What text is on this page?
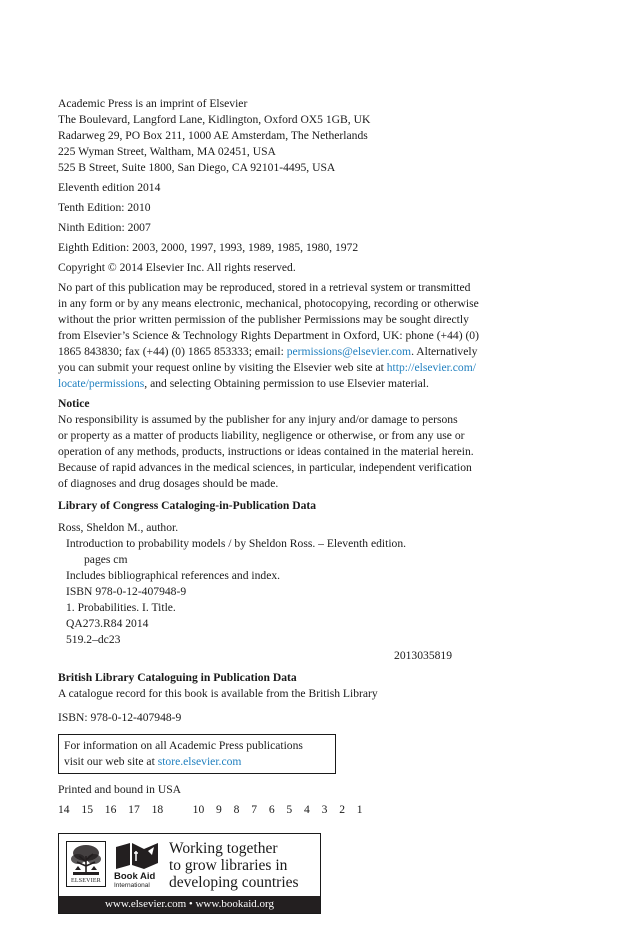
Academic Press is an imprint of Elsevier
The Boulevard, Langford Lane, Kidlington, Oxford OX5 1GB, UK
Radarweg 29, PO Box 211, 1000 AE Amsterdam, The Netherlands
225 Wyman Street, Waltham, MA 02451, USA
525 B Street, Suite 1800, San Diego, CA 92101-4495, USA
Eleventh edition 2014
Tenth Edition: 2010
Ninth Edition: 2007
Eighth Edition: 2003, 2000, 1997, 1993, 1989, 1985, 1980, 1972
Copyright © 2014 Elsevier Inc. All rights reserved.
No part of this publication may be reproduced, stored in a retrieval system or transmitted
in any form or by any means electronic, mechanical, photocopying, recording or otherwise
without the prior written permission of the publisher Permissions may be sought directly
from Elsevier’s Science & Technology Rights Department in Oxford, UK: phone (+44) (0)
1865 843830; fax (+44) (0) 1865 853333; email: permissions@elsevier.com. Alternatively
you can submit your request online by visiting the Elsevier web site at http://elsevier.com/
locate/permissions, and selecting Obtaining permission to use Elsevier material.
Notice
No responsibility is assumed by the publisher for any injury and/or damage to persons
or property as a matter of products liability, negligence or otherwise, or from any use or
operation of any methods, products, instructions or ideas contained in the material herein.
Because of rapid advances in the medical sciences, in particular, independent verification
of diagnoses and drug dosages should be made.
Library of Congress Cataloging-in-Publication Data
Ross, Sheldon M., author.
Introduction to probability models / by Sheldon Ross. – Eleventh edition.
pages cm
Includes bibliographical references and index.
ISBN 978-0-12-407948-9
1. Probabilities. I. Title.
QA273.R84 2014
519.2–dc23
2013035819
British Library Cataloguing in Publication Data
A catalogue record for this book is available from the British Library
ISBN: 978-0-12-407948-9
For information on all Academic Press publications
visit our web site at store.elsevier.com
Printed and bound in USA
14  15  16  17  18     10  9  8  7  6  5  4  3  2  1
ELSEVIER	Book Aid
International
Working together
to grow libraries in
developing countries
www.elsevier.com • www.bookaid.org
